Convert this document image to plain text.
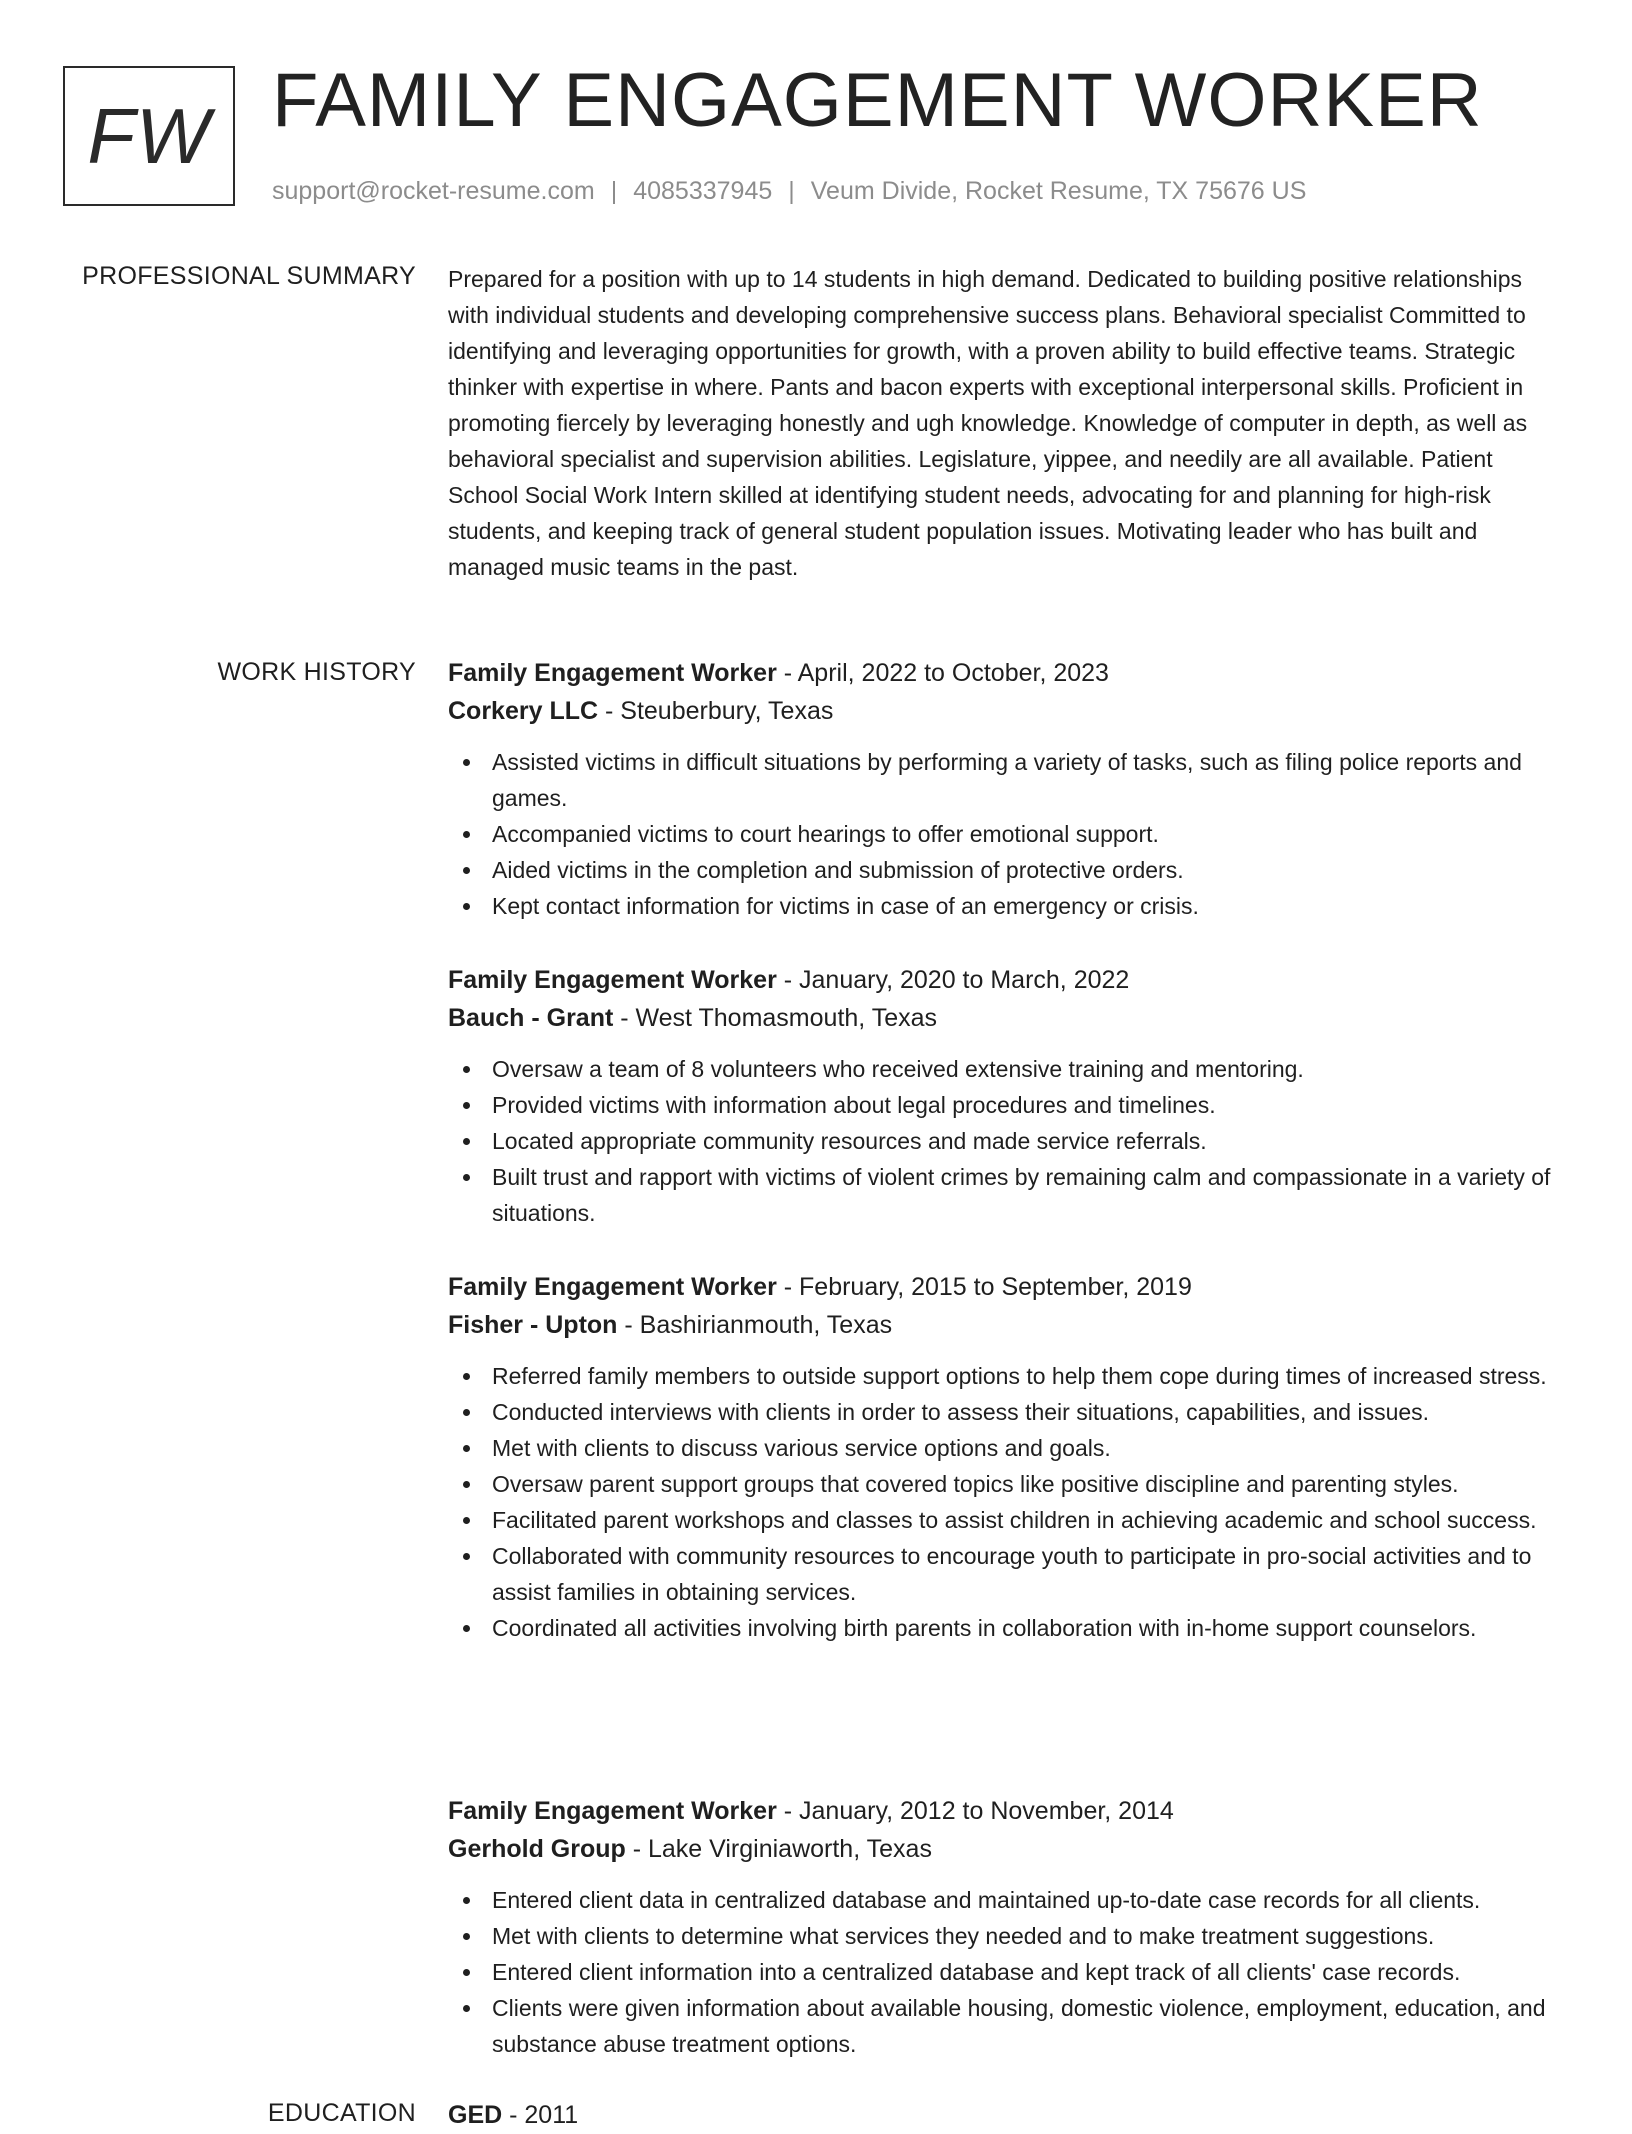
FW FAMILY ENGAGEMENT WORKER
support@rocket-resume.com | 4085337945 | Veum Divide, Rocket Resume, TX 75676 US
PROFESSIONAL SUMMARY Prepared for a position with up to 14 students in high demand. Dedicated to building positive relationships with individual students and developing comprehensive success plans. Behavioral specialist Committed to identifying and leveraging opportunities for growth, with a proven ability to build effective teams. Strategic thinker with expertise in where. Pants and bacon experts with exceptional interpersonal skills. Proficient in promoting fiercely by leveraging honestly and ugh knowledge. Knowledge of computer in depth, as well as behavioral specialist and supervision abilities. Legislature, yippee, and needily are all available. Patient School Social Work Intern skilled at identifying student needs, advocating for and planning for high-risk students, and keeping track of general student population issues. Motivating leader who has built and managed music teams in the past.

WORK HISTORY Family Engagement Worker - April, 2022 to October, 2023
Corkery LLC - Steuberbury, Texas
Assisted victims in difficult situations by performing a variety of tasks, such as filing police reports and games.
Accompanied victims to court hearings to offer emotional support.
Aided victims in the completion and submission of protective orders.
Kept contact information for victims in case of an emergency or crisis.
Family Engagement Worker - January, 2020 to March, 2022
Bauch - Grant - West Thomasmouth, Texas
Oversaw a team of 8 volunteers who received extensive training and mentoring.
Provided victims with information about legal procedures and timelines.
Located appropriate community resources and made service referrals.
Built trust and rapport with victims of violent crimes by remaining calm and compassionate in a variety of situations.
Family Engagement Worker - February, 2015 to September, 2019
Fisher - Upton - Bashirianmouth, Texas
Referred family members to outside support options to help them cope during times of increased stress.
Conducted interviews with clients in order to assess their situations, capabilities, and issues.
Met with clients to discuss various service options and goals.
Oversaw parent support groups that covered topics like positive discipline and parenting styles.
Facilitated parent workshops and classes to assist children in achieving academic and school success.
Collaborated with community resources to encourage youth to participate in pro-social activities and to assist families in obtaining services.
Coordinated all activities involving birth parents in collaboration with in-home support counselors.
Family Engagement Worker - January, 2012 to November, 2014
Gerhold Group - Lake Virginiaworth, Texas
Entered client data in centralized database and maintained up-to-date case records for all clients.
Met with clients to determine what services they needed and to make treatment suggestions.
Entered client information into a centralized database and kept track of all clients' case records.
Clients were given information about available housing, domestic violence, employment, education, and substance abuse treatment options.
EDUCATION GED - 2011
